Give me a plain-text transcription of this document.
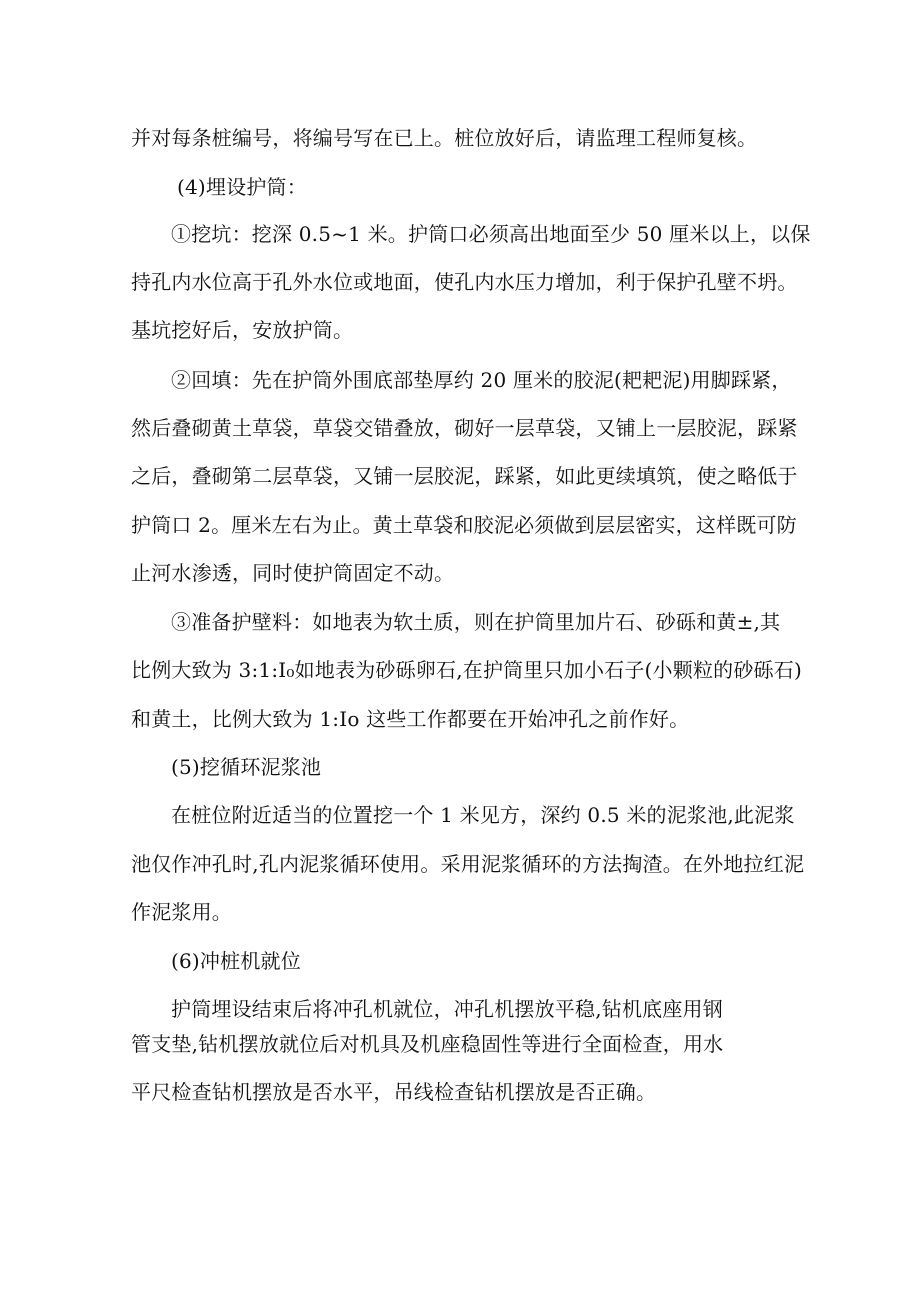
并对每条桩编号，将编号写在已上。桩位放好后，请监理工程师复核。
(4)埋设护筒：
①挖坑：挖深 0.5~1 米。护筒口必须高出地面至少 50 厘米以上，以保
持孔内水位高于孔外水位或地面，使孔内水压力增加，利于保护孔壁不坍。
基坑挖好后，安放护筒。
②回填：先在护筒外围底部垫厚约 20 厘米的胶泥(耙耙泥)用脚踩紧，
然后叠砌黄土草袋，草袋交错叠放，砌好一层草袋，又铺上一层胶泥，踩紧
之后，叠砌第二层草袋，又铺一层胶泥，踩紧，如此更续填筑，使之略低于
护筒口 2。厘米左右为止。黄土草袋和胶泥必须做到层层密实，这样既可防
止河水渗透，同时使护筒固定不动。
③准备护壁料：如地表为软土质，则在护筒里加片石、砂砾和黄±,其
比例大致为 3:1:I₀如地表为砂砾卵石,在护筒里只加小石子(小颗粒的砂砾石)
和黄土，比例大致为 1:Io 这些工作都要在开始冲孔之前作好。
(5)挖循环泥浆池
在桩位附近适当的位置挖一个 1 米见方，深约 0.5 米的泥浆池,此泥浆
池仅作冲孔时,孔内泥浆循环使用。采用泥浆循环的方法掏渣。在外地拉红泥
作泥浆用。
(6)冲桩机就位
护筒埋设结束后将冲孔机就位，冲孔机摆放平稳,钻机底座用钢
管支垫,钻机摆放就位后对机具及机座稳固性等进行全面检查，用水
平尺检查钻机摆放是否水平，吊线检查钻机摆放是否正确。
